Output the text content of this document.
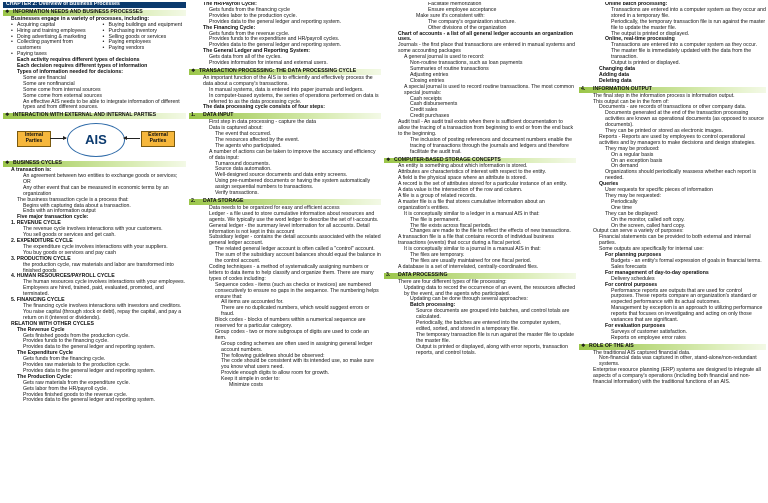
CHAPTER 2: Overview of Business Processes
❖ INFORMATION NEEDS AND BUSINESS PROCESSES

Businesses engage in a variety of processes, including:

• Acquiring capital

• Hiring and training employees

• Doing advertising & marketing

• Collecting payment from customers

• Paying taxes

• Buying buildings and equipment

• Purchasing inventory

• Selling goods or services

• Paying employees

• Paying vendors

✓ Each activity requires different types of decisions

✓ Each decision requires different types of information

✓ Types of information needed for decisions:

• Some are financial

• Some are nonfinancial

• Some come from internal sources

• Some come from external sources

• An effective AIS needs to be able to integrate information of different types and from different sources.

❖ INTERACTION WITH EXTERNAL AND INTERNAL PARTIES
Internal Parties	AIS	External Parties
❖ BUSINESS CYCLES

A transaction is:

✓ An agreement between two entities to exchange goods or services; OR

✓ Any other event that can be measured in economic terms by an organization

– The business transaction cycle is a process that:

• Begins with capturing data about a transaction.

• Ends with an information output

– Five major transaction cycle:

1. REVENUE CYCLE

✓ The revenue cycle involves interactions with your customers.

✓ You sell goods or services and get cash.

2. EXPENDITURE CYCLE

✓ The expenditure cycle involves interactions with your suppliers.

✓ You buy goods or services and pay cash

3. PRODUCTION CYCLE

– the production cycle, raw materials and labor are transformed into finished goods

4. HUMAN RESOURCES/PAYROLL CYCLE

✓ The human resources cycle involves interactions with your employees.

✓ Employees are hired, trained, paid, evaluated, promoted, and terminated.

5. FINANCING CYCLE

✓ The financing cycle involves interactions with investors and creditors.

✓ You raise capital (through stock or debt), repay the capital, and pay a return on it (interest or dividends).

❖ RELATION WITH OTHER CYCLES

– The Revenue Cycle

• Gets finished goods from the production cycle.

• Provides funds to the financing cycle.

• Provides data to the general ledger and reporting system.

– The Expenditure Cycle

• Gets funds from the financing cycle.

• Provides raw materials to the production cycle.

• Provides data to the general ledger and reporting system.

– The Production Cycle:

• Gets raw materials from the expenditure cycle.

• Gets labor from the HR/payroll cycle.

• Provides finished goods to the revenue cycle.

• Provides data to the general ledger and reporting system.

– The HR/Payroll Cycle:

• Gets funds from the financing cycle

• Provides labor to the production cycle.

• Provides data to the general ledger and reporting system.

– The Financing Cycle:

• Gets funds from the revenue cycle.

• Provides funds to the expenditure and HR/payroll cycles.

• Provides data to the general ledger and reporting system.

– The General Ledger and Reporting System:

• Gets data from all of the cycles.

• Provides information for internal and external users.

❖ TRANSACTION PROCESSING: THE DATA PROCESSING CYCLE

– An important function of the AIS is to efficiently and effectively process the data about a company's transactions.

• In manual systems, data is entered into paper journals and ledgers.

• In computer-based systems, the series of operations performed on data is referred to as the data processing cycle.

– The data processing cycle consists of four steps:

1. DATA INPUT

• First step in data processing - capture the data

• Data is captured about:

✓ The event that occurred.

✓ The resources affected by the event.

✓ The agents who participated.

• A number of actions can be taken to improve the accuracy and efficiency of data input:

✓ Turnaround documents.

✓ Source data automation.

✓ Well-designed source documents and data entry screens.

✓ Using pre-numbered documents or having the system automatically assign sequential numbers to transactions.

✓ Verify transactions.

2. DATA STORAGE

• Data needs to be organized for easy and efficient access

• Ledger - a file used to store cumulative information about resources and agents. We typically use the word ledger to describe the set of t-accounts.

• General ledger - the summary level information for all accounts. Detail information is not kept in this account

• Subsidiary ledger - contains the detail accounts associated with the related general ledger account.

✓ The related general ledger account is often called a "control" account.

✓ The sum of the subsidiary account balances should equal the balance in the control account.

• Coding techniques - a method of systematically assigning numbers or letters to data items to help classify and organize them. There are many types of codes including:

✓ Sequence codes - items (such as checks or invoices) are numbered consecutively to ensure no gaps in the sequence. The numbering helps ensure that:

• All items are accounted for.

• There are no duplicated numbers, which would suggest errors or fraud.

✓ Block codes - blocks of numbers within a numerical sequence are reserved for a particular category.

✓ Group codes - two or more subgroups of digits are used to code an item.

• Group coding schemes are often used in assigning general ledger account numbers.

• The following guidelines should be observed:

➢ The code should be consistent with its intended use, so make sure you know what users need.

➢ Provide enough digits to allow room for growth.

➢ Keep it simple in order to:

– Minimize costs

– Facilitate memorization

– Ensure employee acceptance

➢ Make sure it's consistent with:

– The company's organization structure.

– Other divisions of the organization

• Chart of accounts - a list of all general ledger accounts an organization uses.

• Journals - the first place that transactions are entered in manual systems and some accounting packages

✓ A general journal is used to record:

– Non-routine transactions, such as loan payments

– Summaries of routine transactions

– Adjusting entries

– Closing entries

✓ A special journal is used to record routine transactions. The most common special journals:

✓ Cash receipts

✓ Cash disbursements

✓ Credit sales

✓ Credit purchases

• Audit trail - An audit trail exists when there is sufficient documentation to allow the tracing of a transaction from beginning to end or from the end back to the beginning.

– The inclusion of posting references and document numbers enable the tracing of transactions through the journals and ledgers and therefore facilitate the audit trail.

❖ COMPUTER-BASED STORAGE CONCEPTS

– An entity is something about which information is stored.

– Attributes are characteristics of interest with respect to the entity.

– A field is the physical space where an attribute is stored.

– A record is the set of attributes stored for a particular instance of an entity.

– A data value is the intersection of the row and column.

– A file is a group of related records.

– A master file is a file that stores cumulative information about an organization's entities.

• It is conceptually similar to a ledger in a manual AIS in that:

✓ The file is permanent.

✓ The file exists across fiscal periods.

✓ Changes are made to the file to reflect the effects of new transactions.

– A transaction file is a file that contains records of individual business transactions (events) that occur during a fiscal period.

• It is conceptually similar to a journal in a manual AIS in that:

✓ The files are temporary.

✓ The files are usually maintained for one fiscal period.

– A database is a set of interrelated, centrally-coordinated files.

3. DATA PROCESSING

– There are four different types of file processing:

• Updating data to record the occurrence of an event, the resources affected by the event, and the agents who participated.

✓ Updating can be done through several approaches:

➢ Batch processing:

• Source documents are grouped into batches, and control totals are calculated.

• Periodically, the batches are entered into the computer system, edited, sorted, and stored in a temporary file.

• The temporary transaction file is run against the master file to update the master file.

• Output is printed or displayed, along with error reports, transaction reports, and control totals.

➢ Online batch processing:

• Transactions are entered into a computer system as they occur and stored in a temporary file.

• Periodically, the temporary transaction file is run against the master file to update the master file.

• The output is printed or displayed.

➢ Online, real-time processing

• Transactions are entered into a computer system as they occur.

• The master file is immediately updated with the data from the transaction.

• Output is printed or displayed.

• Changing data

• Adding data

• Deleting data

4. INFORMATION OUTPUT

– The final step in the information process is information output.

– This output can be in the form of:

• Documents - are records of transactions or other company data.

✓ Documents generated at the end of the transaction processing activities are known as operational documents (as opposed to source documents).

✓ They can be printed or stored as electronic images.

• Reports - Reports are used by employees to control operational activities and by managers to make decisions and design strategies.

✓ They may be produced:

• On a regular basis

• On an exception basis

• On demand

✓ Organizations should periodically reassess whether each report is needed.

• Queries

✓ User requests for specific pieces of information

✓ They may be requested:

• Periodically

• One time

✓ They can be displayed:

• On the monitor, called soft copy.

• On the screen, called hard copy.

– Output can serve a variety of purposes:

• Financial statements can be provided to both external and internal parties.

• Some outputs are specifically for internal use:

✓ For planning purposes

• Budgets - an entity's formal expression of goals in financial terms.

• Sales forecasts

✓ For management of day-to-day operations

• Delivery schedules

✓ For control purposes

• Performance reports are outputs that are used for control purposes. These reports compare an organization's standard or expected performance with its actual outcomes.

• Management by exception is an approach to utilizing performance reports that focuses on investigating and acting on only those variances that are significant.

✓ For evaluation purposes

• Surveys of customer satisfaction.

• Reports on employee error rates

❖ ROLE OF THE AIS

– The traditional AIS captured financial data.

• Non-financial data was captured in other, stand-alone/non-redundant systems.

– Enterprise resource planning (ERP) systems are designed to integrate all aspects of a company's operations (including both financial and non-financial information) with the traditional functions of an AIS.
